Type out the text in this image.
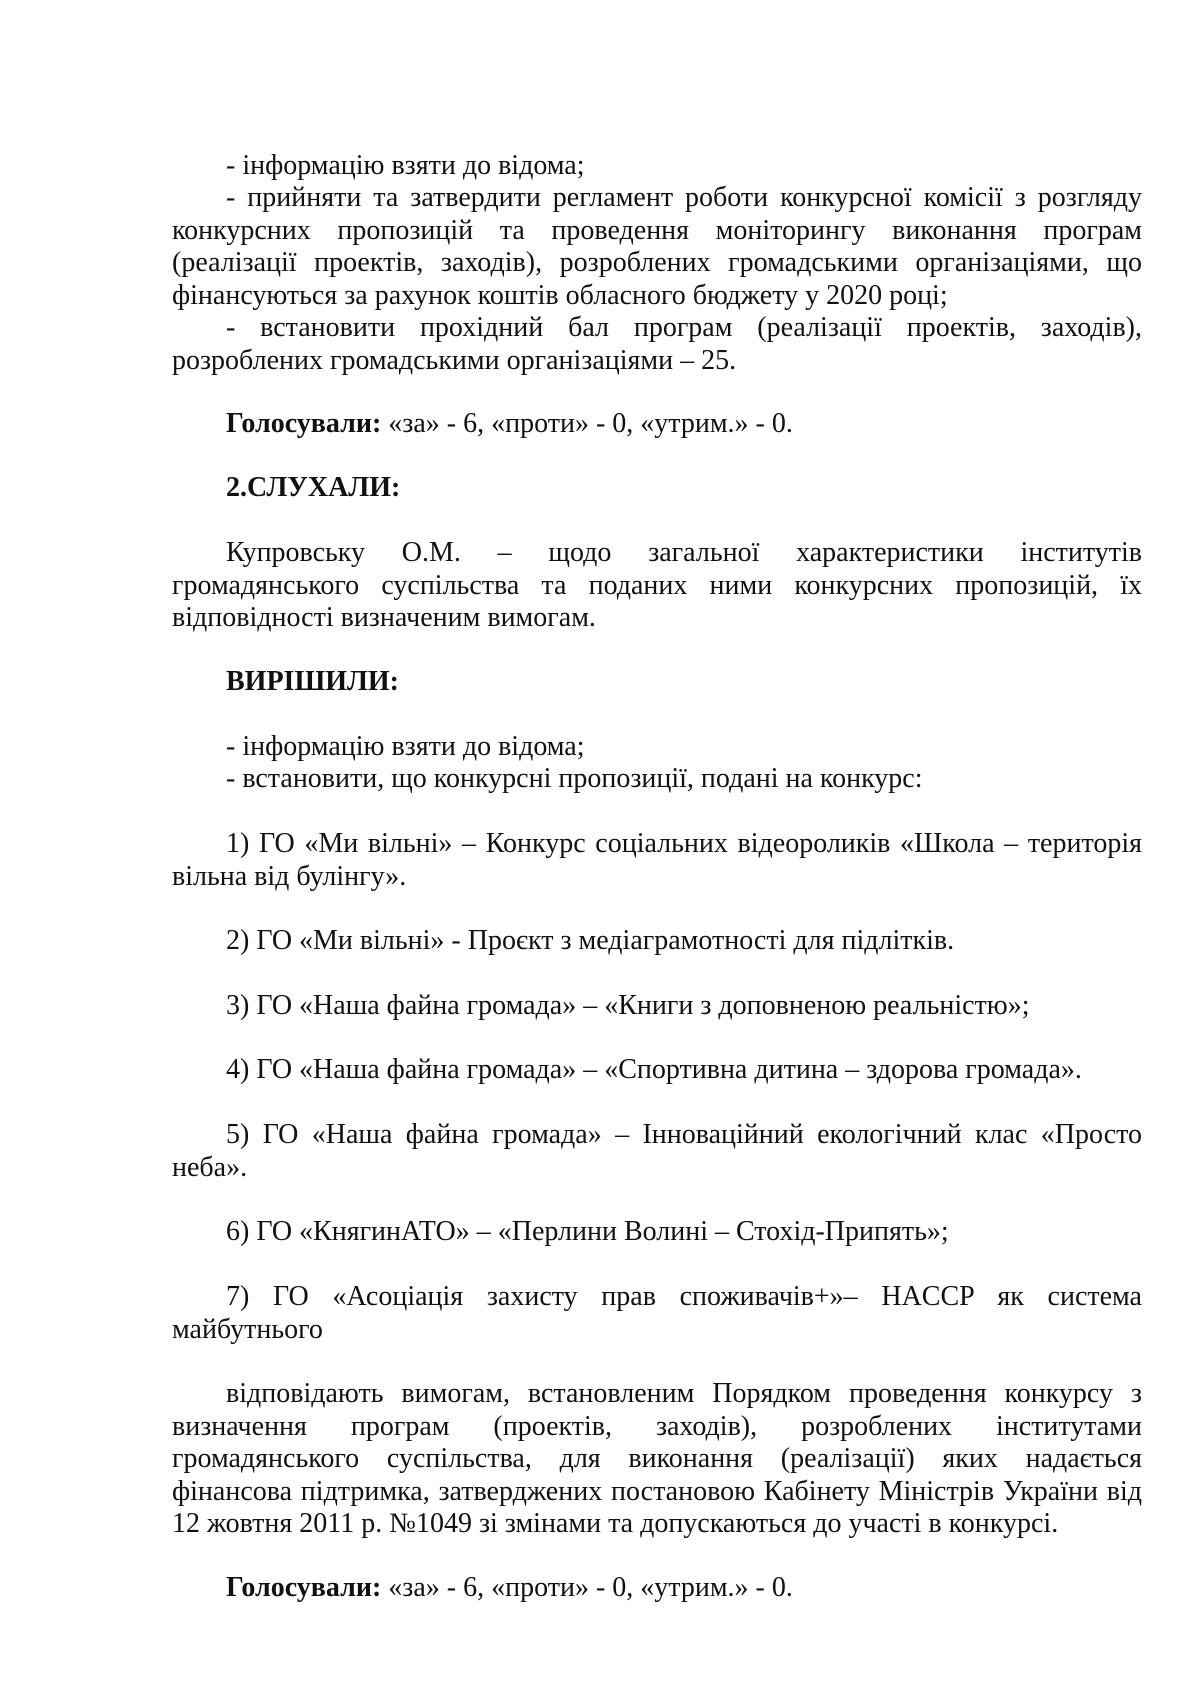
- інформацію взяти до відома;

- прийняти та затвердити регламент роботи конкурсної комісії з розгляду конкурсних пропозицій та проведення моніторингу виконання програм (реалізації проектів, заходів), розроблених громадськими організаціями, що фінансуються за рахунок коштів обласного бюджету у 2020 році;

- встановити прохідний бал програм (реалізації проектів, заходів), розроблених громадськими організаціями – 25.

Голосували: «за» - 6, «проти» - 0, «утрим.» - 0.

2.СЛУХАЛИ:

Купровську О.М. – щодо загальної характеристики інститутів громадянського суспільства та поданих ними конкурсних пропозицій, їх відповідності визначеним вимогам.

ВИРІШИЛИ:

- інформацію взяти до відома;

- встановити, що конкурсні пропозиції, подані на конкурс:

1) ГО «Ми вільні» – Конкурс соціальних відеороликів «Школа – територія вільна від булінгу».

2) ГО «Ми вільні» - Проєкт з медіаграмотності для підлітків.

3) ГО «Наша файна громада» – «Книги з доповненою реальністю»;

4) ГО «Наша файна громада» – «Спортивна дитина – здорова громада».

5) ГО «Наша файна громада» – Інноваційний екологічний клас «Просто неба».

6) ГО «КнягинАТО» – «Перлини Волині – Стохід-Припять»;

7) ГО «Асоціація захисту прав споживачів+»– HACCP як система майбутнього

відповідають вимогам, встановленим Порядком проведення конкурсу з визначення програм (проектів, заходів), розроблених інститутами громадянського суспільства, для виконання (реалізації) яких надається фінансова підтримка, затверджених постановою Кабінету Міністрів України від 12 жовтня 2011 р. №1049 зі змінами та допускаються до участі в конкурсі.

Голосували: «за» - 6, «проти» - 0, «утрим.» - 0.
